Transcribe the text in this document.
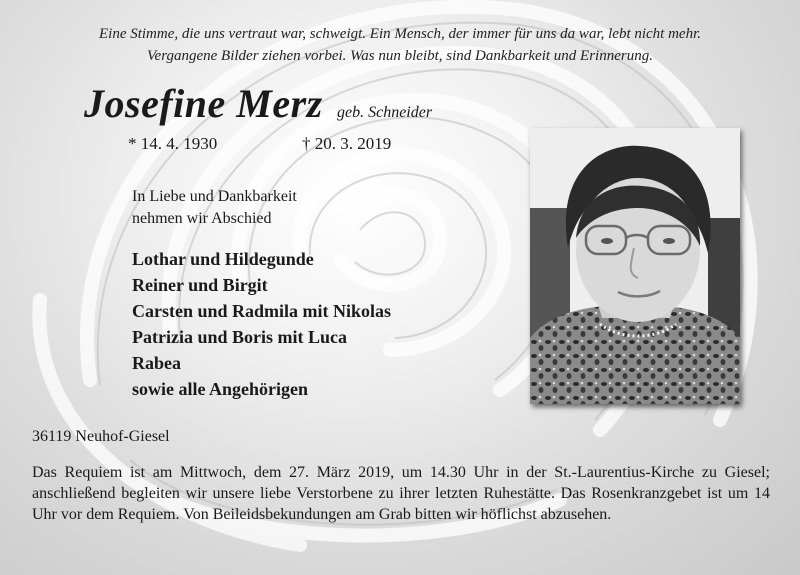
Eine Stimme, die uns vertraut war, schweigt. Ein Mensch, der immer für uns da war, lebt nicht mehr.

Vergangene Bilder ziehen vorbei. Was nun bleibt, sind Dankbarkeit und Erinnerung.

Josefine Merz geb. Schneider
* 14. 4. 1930	† 20. 3. 2019
In Liebe und Dankbarkeit
nehmen wir Abschied
Lothar und Hildegunde
Reiner und Birgit
Carsten und Radmila mit Nikolas
Patrizia und Boris mit Luca
Rabea
sowie alle Angehörigen
36119 Neuhof-Giesel

Das Requiem ist am Mittwoch, dem 27. März 2019, um 14.30 Uhr in der St.-Laurentius-Kirche zu Giesel; anschließend begleiten wir unsere liebe Verstorbene zu ihrer letzten Ruhestätte. Das Rosenkranzgebet ist um 14 Uhr vor dem Requiem. Von Beileidsbekundungen am Grab bitten wir höflichst abzusehen.
